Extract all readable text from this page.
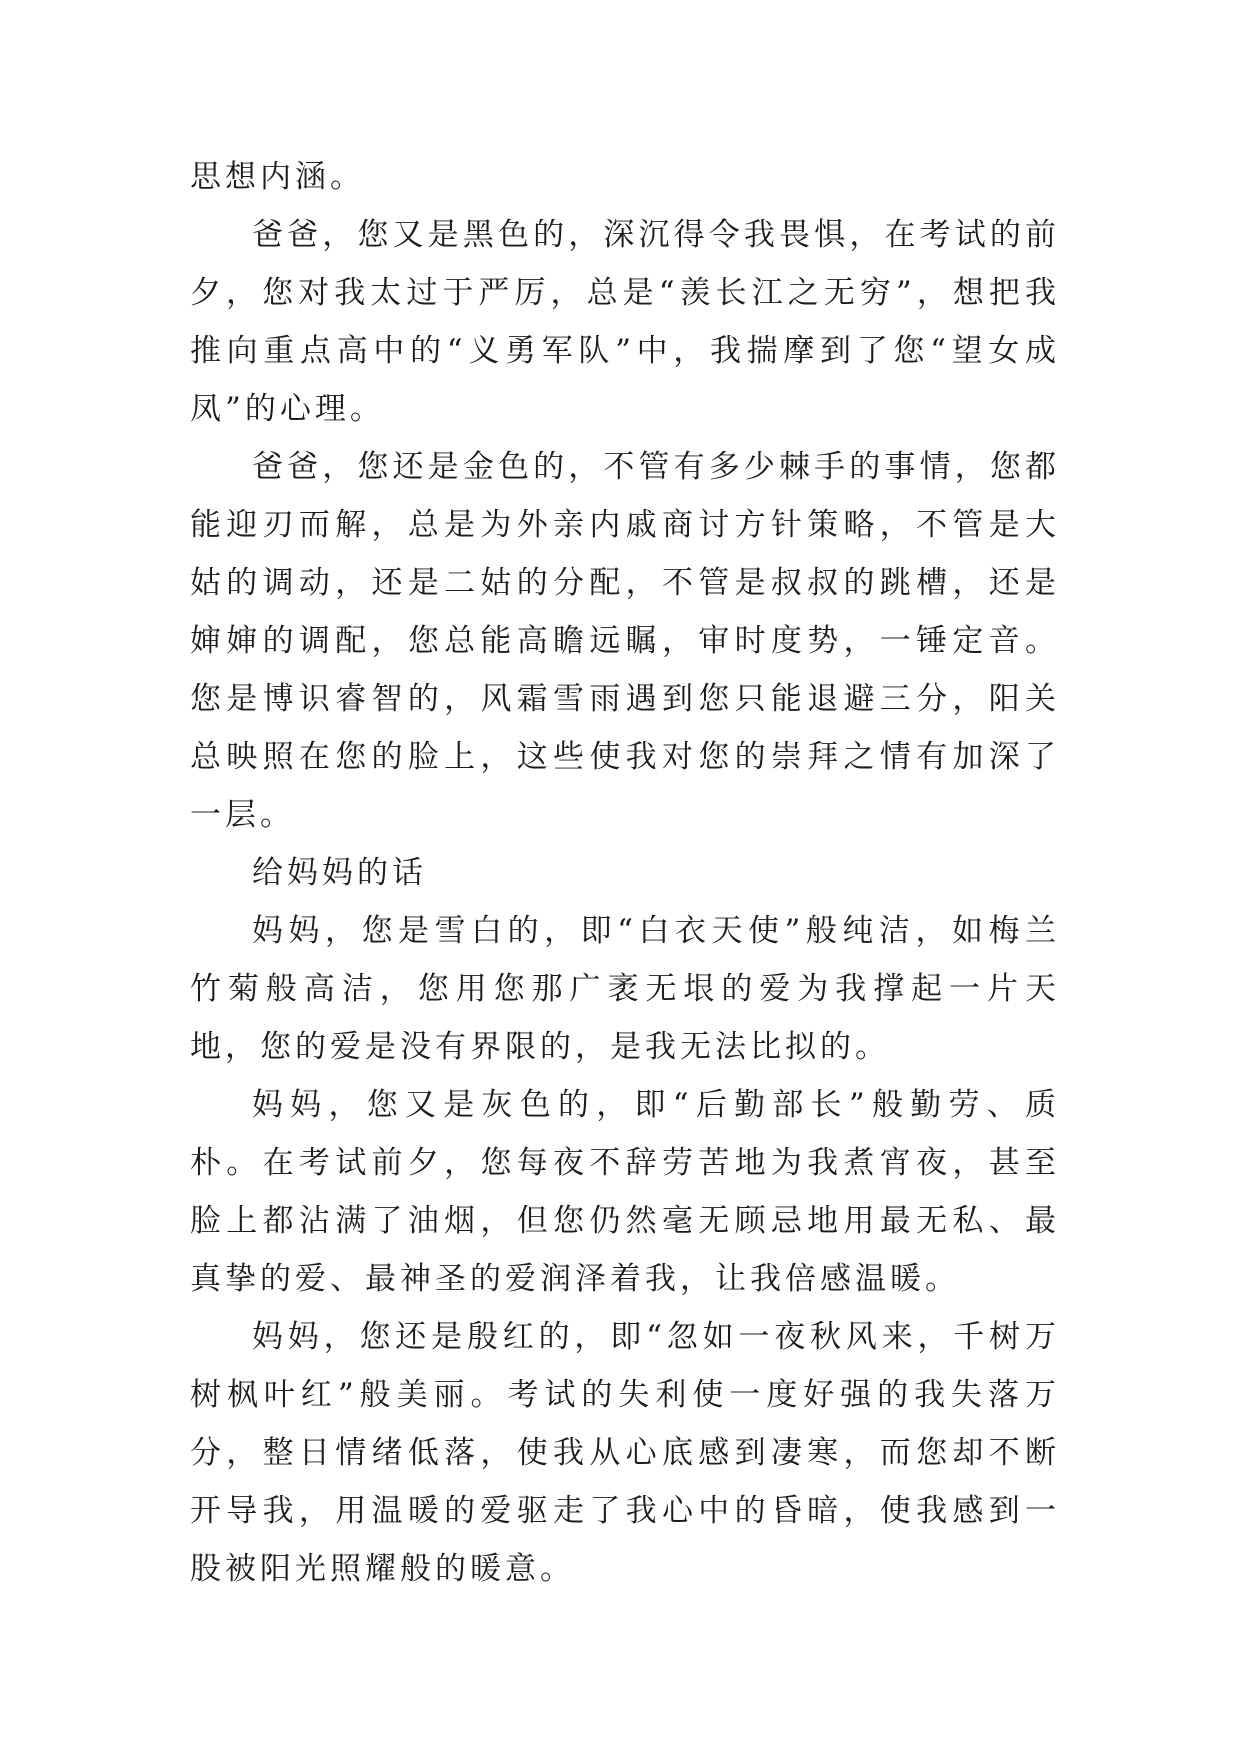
思想内涵。

爸爸，您又是黑色的，深沉得令我畏惧，在考试的前夕，您对我太过于严厉，总是“羡长江之无穷”，想把我推向重点高中的“义勇军队”中，我揣摩到了您“望女成凤”的心理。

爸爸，您还是金色的，不管有多少棘手的事情，您都能迎刃而解，总是为外亲内戚商讨方针策略，不管是大姑的调动，还是二姑的分配，不管是叔叔的跳槽，还是婶婶的调配，您总能高瞻远瞩，审时度势，一锤定音。您是博识睿智的，风霜雪雨遇到您只能退避三分，阳关总映照在您的脸上，这些使我对您的崇拜之情有加深了一层。

给妈妈的话

妈妈，您是雪白的，即“白衣天使”般纯洁，如梅兰竹菊般高洁，您用您那广袤无垠的爱为我撑起一片天地，您的爱是没有界限的，是我无法比拟的。

妈妈，您又是灰色的，即“后勤部长”般勤劳、质朴。在考试前夕，您每夜不辞劳苦地为我煮宵夜，甚至脸上都沾满了油烟，但您仍然毫无顾忌地用最无私、最真挚的爱、最神圣的爱润泽着我，让我倍感温暖。

妈妈，您还是殷红的，即“忽如一夜秋风来，千树万树枫叶红”般美丽。考试的失利使一度好强的我失落万分，整日情绪低落，使我从心底感到凄寒，而您却不断开导我，用温暖的爱驱走了我心中的昏暗，使我感到一股被阳光照耀般的暖意。
